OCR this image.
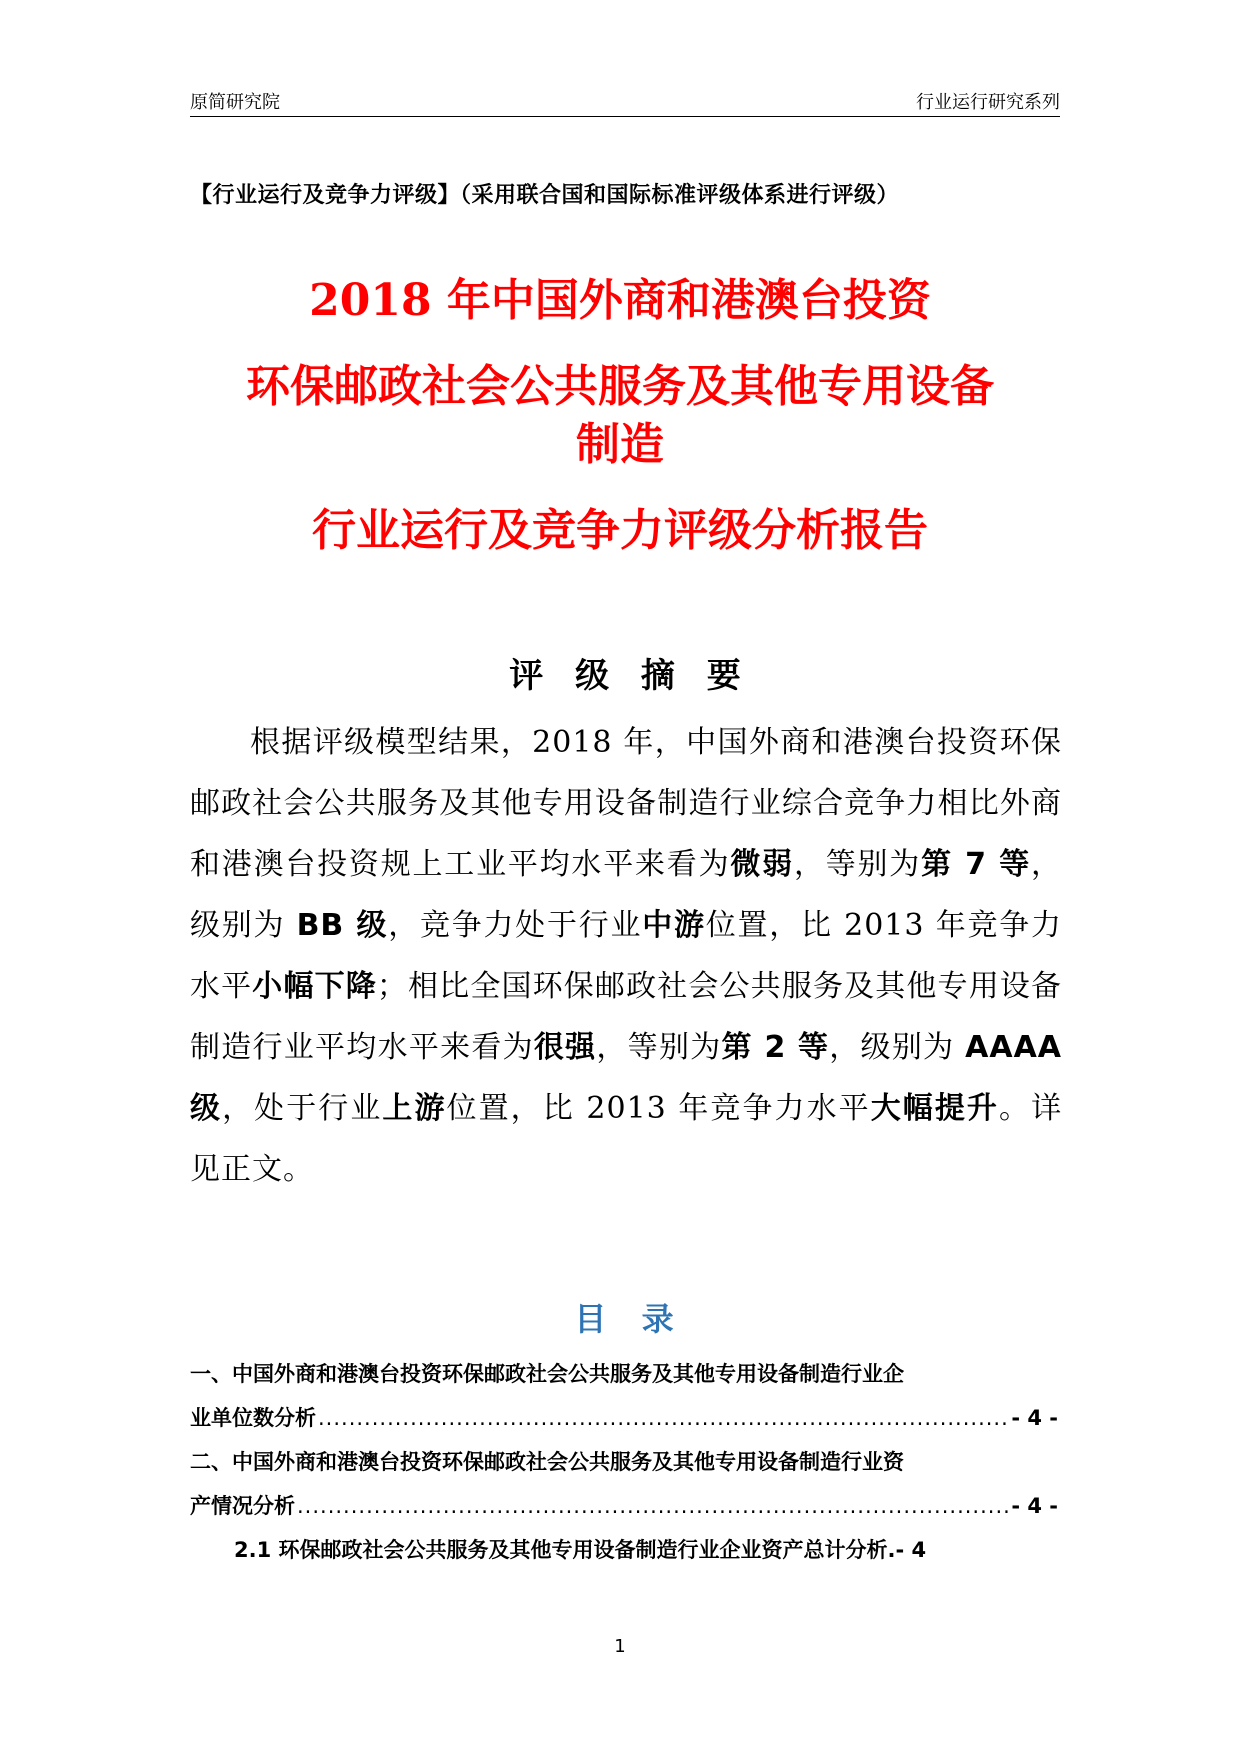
原简研究院	行业运行研究系列
【行业运行及竞争力评级】（采用联合国和国际标准评级体系进行评级）
2018 年中国外商和港澳台投资
环保邮政社会公共服务及其他专用设备
制造
行业运行及竞争力评级分析报告
评 级 摘 要
根据评级模型结果，2018 年，中国外商和港澳台投资环保邮政社会公共服务及其他专用设备制造行业综合竞争力相比外商和港澳台投资规上工业平均水平来看为微弱，等别为第 7 等，级别为 BB 级，竞争力处于行业中游位置，比 2013 年竞争力水平小幅下降；相比全国环保邮政社会公共服务及其他专用设备制造行业平均水平来看为很强，等别为第 2 等，级别为 AAAA 级，处于行业上游位置，比 2013 年竞争力水平大幅提升。详见正文。
目 录
一、中国外商和港澳台投资环保邮政社会公共服务及其他专用设备制造行业企
业单位数分析 .....	- 4 -
二、中国外商和港澳台投资环保邮政社会公共服务及其他专用设备制造行业资
产情况分析 .....	- 4 -
2.1 环保邮政社会公共服务及其他专用设备制造行业企业资产总计分析 . - 4
1
